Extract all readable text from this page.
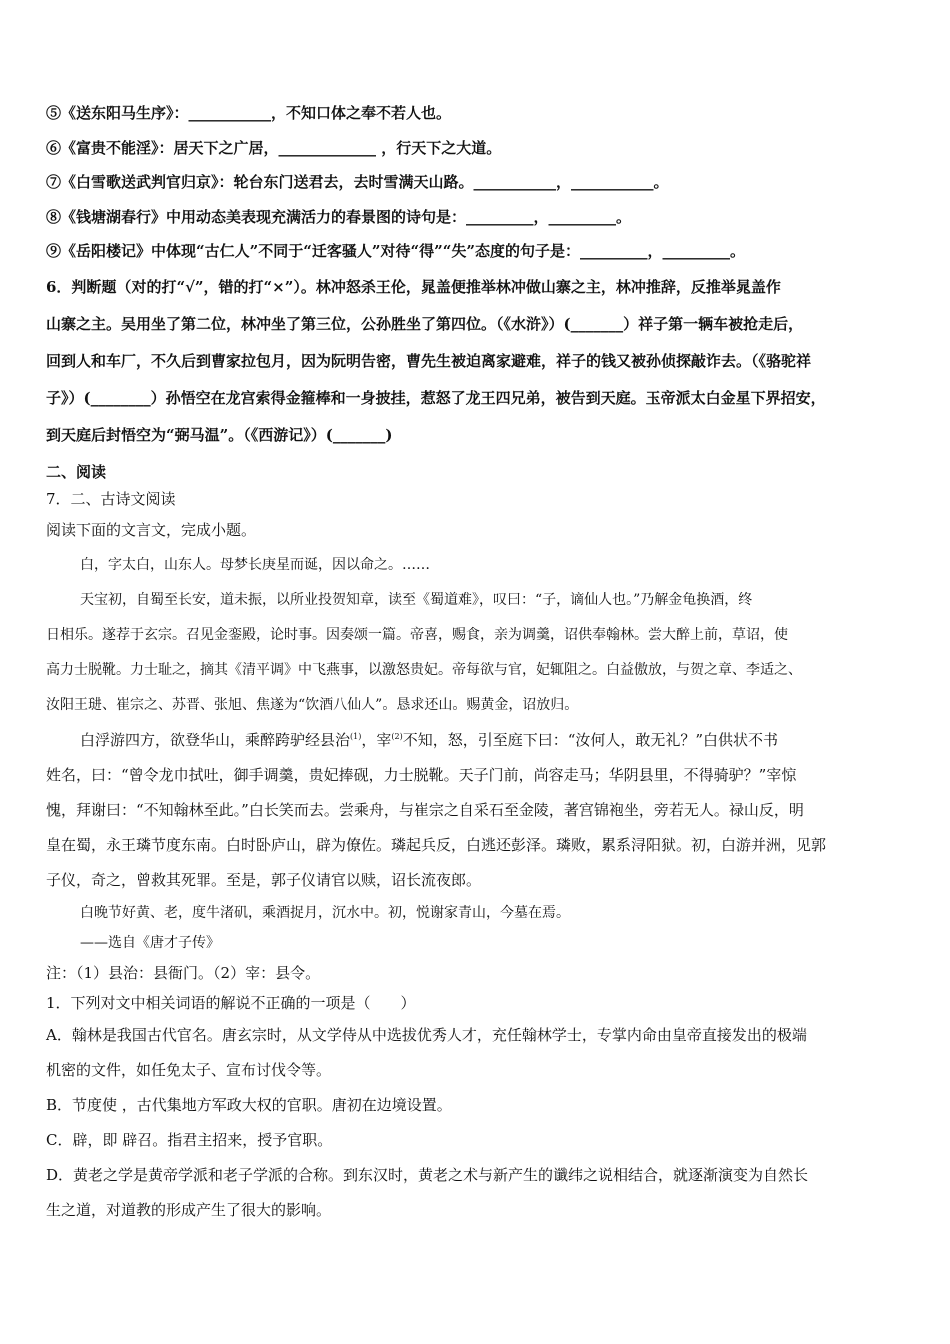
⑤《送东阳马生序》：___________，不知口体之奉不若人也。
⑥《富贵不能淫》：居天下之广居，_____________ ，行天下之大道。
⑦《白雪歌送武判官归京》：轮台东门送君去，去时雪满天山路。___________，___________。
⑧《钱塘湖春行》中用动态美表现充满活力的春景图的诗句是：_________，_________。
⑨《岳阳楼记》中体现“古仁人”不同于“迁客骚人”对待“得”“失”态度的句子是：_________，_________。
6．判断题（对的打“√”，错的打“×”）。林冲怒杀王伦，晁盖便推举林冲做山寨之主，林冲推辞，反推举晁盖作
山寨之主。吴用坐了第二位，林冲坐了第三位，公孙胜坐了第四位。（《水浒》）(_______）祥子第一辆车被抢走后，
回到人和车厂，不久后到曹家拉包月，因为阮明告密，曹先生被迫离家避难，祥子的钱又被孙侦探敲诈去。（《骆驼祥
子》）(________）孙悟空在龙宫索得金箍棒和一身披挂，惹怒了龙王四兄弟，被告到天庭。玉帝派太白金星下界招安，
到天庭后封悟空为“弼马温”。（《西游记》）(_______)
二、阅读
7．二、古诗文阅读
阅读下面的文言文，完成小题。
白，字太白，山东人。母梦长庚星而诞，因以命之。……
天宝初，自蜀至长安，道未振，以所业投贺知章，读至《蜀道难》，叹曰：“子，谪仙人也。”乃解金龟换酒，终
日相乐。遂荐于玄宗。召见金銮殿，论时事。因奏颂一篇。帝喜，赐食，亲为调羹，诏供奉翰林。尝大醉上前，草诏，使
高力士脱靴。力士耻之，摘其《清平调》中飞燕事，以激怒贵妃。帝每欲与官，妃辄阻之。白益傲放，与贺之章、李适之、
汝阳王琎、崔宗之、苏晋、张旭、焦遂为“饮酒八仙人”。恳求还山。赐黄金，诏放归。
白浮游四方，欲登华山，乘醉跨驴经县治$^{(1)}$，宰$^{(2)}$不知，怒，引至庭下曰：“汝何人，敢无礼？”白供状不书
姓名，曰：“曾令龙巾拭吐，御手调羹，贵妃捧砚，力士脱靴。天子门前，尚容走马；华阴县里，不得骑驴？”宰惊
愧，拜谢曰：“不知翰林至此。”白长笑而去。尝乘舟，与崔宗之自采石至金陵，著宫锦袍坐，旁若无人。禄山反，明
皇在蜀，永王璘节度东南。白时卧庐山，辟为僚佐。璘起兵反，白逃还彭泽。璘败，累系浔阳狱。初，白游并洲，见郭
子仪，奇之，曾救其死罪。至是，郭子仪请官以赎，诏长流夜郎。
白晚节好黄、老，度牛渚矶，乘酒捉月，沉水中。初，悦谢家青山，今墓在焉。
——选自《唐才子传》
注：（1）县治：县衙门。（2）宰：县令。
1．下列对文中相关词语的解说不正确的一项是（　　）
A．翰林是我国古代官名。唐玄宗时，从文学侍从中选拔优秀人才，充任翰林学士，专掌内命由皇帝直接发出的极端
机密的文件，如任免太子、宣布讨伐令等。
B．节度使 ，古代集地方军政大权的官职。唐初在边境设置。
C．辟，即 辟召。指君主招来，授予官职。
D．黄老之学是黄帝学派和老子学派的合称。到东汉时，黄老之术与新产生的谶纬之说相结合，就逐渐演变为自然长
生之道，对道教的形成产生了很大的影响。
